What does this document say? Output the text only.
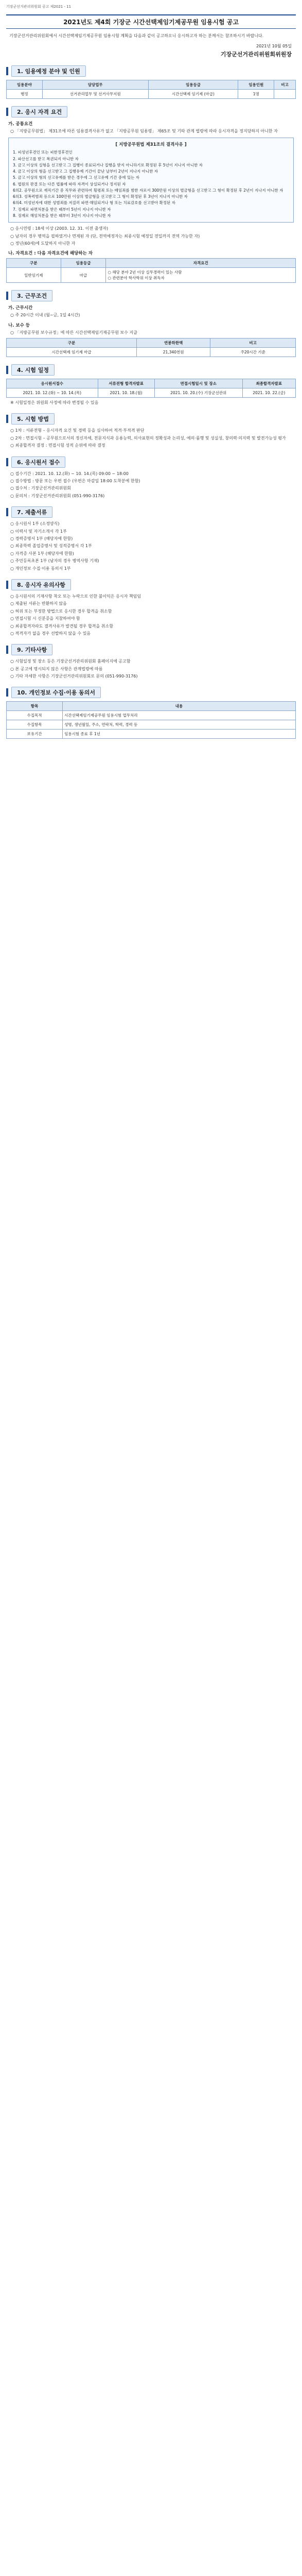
기장군선거관리위원회 공고 제2021 - 11
2021년도 제4회 기장군 시간선택제임기제공무원 임용시험 공고
기장군선거관리위원회에서 시간선택제임기제공무원 임용시험 계획을 다음과 같이 공고하오니 응시하고자 하는 분께서는 참조하시기 바랍니다.
2021년 10월 05일
기장군선거관리위원회위원장
1. 임용예정 분야 및 인원
임용분야	담당업무	임용등급	임용인원	비고
행정	선거관리업무 및 선거사무지원	시간선택제 임기제 (마급)	1명	
2. 응시 자격 요건
가. 공통요건

○ 「지방공무원법」 제31조에 따른 임용결격사유가 없고 「지방공무원 임용령」 제65조 및 기타 관계 법령에 따라 응시자격을 정지당하지 아니한 자

[ 지방공무원법 제31조의 결격사유 ]

1. 피성년후견인 또는 피한정후견인

2. 파산선고를 받고 복권되지 아니한 자

3. 금고 이상의 실형을 선고받고 그 집행이 종료되거나 집행을 받지 아니하기로 확정된 후 5년이 지나지 아니한 자

4. 금고 이상의 형을 선고받고 그 집행유예 기간이 끝난 날부터 2년이 지나지 아니한 자

5. 금고 이상의 형의 선고유예를 받은 경우에 그 선고유예 기간 중에 있는 자

6. 법원의 판결 또는 다른 법률에 따라 자격이 상실되거나 정지된 자

6의2. 공무원으로 재직기간 중 직무와 관련하여 횡령죄 또는 배임죄를 범한 자로서 300만원 이상의 벌금형을 선고받고 그 형이 확정된 후 2년이 지나지 아니한 자

6의3. 성폭력범죄 등으로 100만원 이상의 벌금형을 선고받고 그 형이 확정된 후 3년이 지나지 아니한 자

6의4. 미성년자에 대한 성범죄를 저질러 파면·해임되거나 형 또는 치료감호를 선고받아 확정된 자

7. 징계로 파면처분을 받은 때부터 5년이 지나지 아니한 자

8. 징계로 해임처분을 받은 때부터 3년이 지나지 아니한 자

○ 응시연령 : 18세 이상 (2003. 12. 31. 이전 출생자)

○ 남자의 경우 병역을 필하였거나 면제된 자 (단, 전역예정자는 최종시험 예정일 전일까지 전역 가능한 자)

○ 정년(60세)에 도달하지 아니한 자

나. 자격요건 : 다음 자격요건에 해당하는 자
구분	임용등급	자격요건
일반임기제	마급	○ 해당 분야 2년 이상 실무경력이 있는 사람
○ 관련분야 학사학위 이상 취득자
3. 근무조건
가. 근무시간

○ 주 20시간 이내 (월~금, 1일 4시간)

나. 보수 등

○ 「지방공무원 보수규정」에 따른 시간선택제임기제공무원 보수 지급

구분	연봉하한액	비고
시간선택제 임기제 마급	21,340천원	주20시간 기준
4. 시험 일정
응시원서접수	서류전형 합격자발표	면접시험일시 및 장소	최종합격자발표
2021. 10. 12.(화) ~ 10. 14.(목)	2021. 10. 18.(월)	2021. 10. 20.(수) 기장군선관위	2021. 10. 22.(금)

※ 시험일정은 위원회 사정에 따라 변경될 수 있음

5. 시험 방법

○ 1차 : 서류전형 – 응시자격 요건 및 경력 등을 심사하여 적격·부적격 판단

○ 2차 : 면접시험 – 공무원으로서의 정신자세, 전문지식과 응용능력, 의사표현의 정확성과 논리성, 예의·품행 및 성실성, 창의력·의지력 및 발전가능성 평가

○ 최종합격자 결정 : 면접시험 성적 순위에 따라 결정

6. 응시원서 접수

○ 접수기간 : 2021. 10. 12.(화) ~ 10. 14.(목) 09:00 ~ 18:00

○ 접수방법 : 방문 또는 우편 접수 (우편은 마감일 18:00 도착분에 한함)

○ 접수처 : 기장군선거관리위원회

○ 문의처 : 기장군선거관리위원회 (051-990-3176)

7. 제출서류

○ 응시원서 1부 (소정양식)

○ 이력서 및 자기소개서 각 1부

○ 경력증명서 1부 (해당자에 한함)

○ 최종학력 졸업증명서 및 성적증명서 각 1부

○ 자격증 사본 1부 (해당자에 한함)

○ 주민등록초본 1부 (남자의 경우 병역사항 기재)

○ 개인정보 수집·이용 동의서 1부

8. 응시자 유의사항

○ 응시원서의 기재사항 착오 또는 누락으로 인한 불이익은 응시자 책임임

○ 제출된 서류는 반환하지 않음

○ 허위 또는 부정한 방법으로 응시한 경우 합격을 취소함

○ 면접시험 시 신분증을 지참하여야 함

○ 최종합격자라도 결격사유가 발견될 경우 합격을 취소함

○ 적격자가 없을 경우 선발하지 않을 수 있음

9. 기타사항

○ 시험일정 및 장소 등은 기장군선거관리위원회 홈페이지에 공고함

○ 본 공고에 명시되지 않은 사항은 관계법령에 따름

○ 기타 자세한 사항은 기장군선거관리위원회로 문의 (051-990-3176)

10. 개인정보 수집·이용 동의서
항목	내용
수집목적	시간선택제임기제공무원 임용시험 업무처리
수집항목	성명, 생년월일, 주소, 연락처, 학력, 경력 등
보유기간	임용시험 종료 후 1년
